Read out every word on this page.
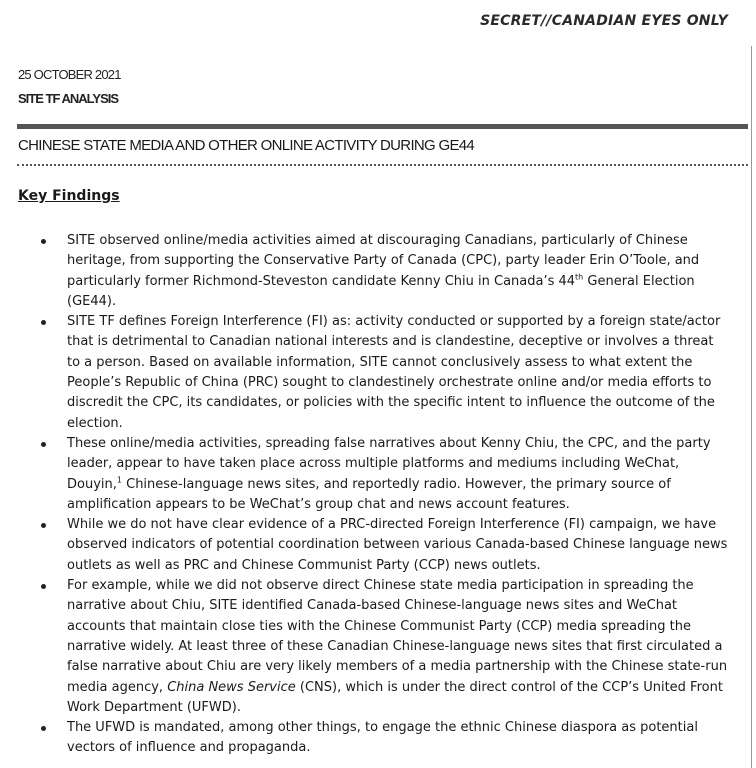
SECRET//CANADIAN EYES ONLY
25 OCTOBER 2021
SITE TF ANALYSIS
CHINESE STATE MEDIA AND OTHER ONLINE ACTIVITY DURING GE44
Key Findings
SITE observed online/media activities aimed at discouraging Canadians, particularly of Chinese heritage, from supporting the Conservative Party of Canada (CPC), party leader Erin O’Toole, and particularly former Richmond-Steveston candidate Kenny Chiu in Canada’s 44th General Election (GE44).
SITE TF defines Foreign Interference (FI) as: activity conducted or supported by a foreign state/actor that is detrimental to Canadian national interests and is clandestine, deceptive or involves a threat to a person. Based on available information, SITE cannot conclusively assess to what extent the People’s Republic of China (PRC) sought to clandestinely orchestrate online and/or media efforts to discredit the CPC, its candidates, or policies with the specific intent to influence the outcome of the election.
These online/media activities, spreading false narratives about Kenny Chiu, the CPC, and the party leader, appear to have taken place across multiple platforms and mediums including WeChat, Douyin,$^1$ Chinese-language news sites, and reportedly radio. However, the primary source of amplification appears to be WeChat’s group chat and news account features.
While we do not have clear evidence of a PRC-directed Foreign Interference (FI) campaign, we have observed indicators of potential coordination between various Canada-based Chinese language news outlets as well as PRC and Chinese Communist Party (CCP) news outlets.
For example, while we did not observe direct Chinese state media participation in spreading the narrative about Chiu, SITE identified Canada-based Chinese-language news sites and WeChat accounts that maintain close ties with the Chinese Communist Party (CCP) media spreading the narrative widely. At least three of these Canadian Chinese-language news sites that first circulated a false narrative about Chiu are very likely members of a media partnership with the Chinese state-run media agency, China News Service (CNS), which is under the direct control of the CCP’s United Front Work Department (UFWD).
The UFWD is mandated, among other things, to engage the ethnic Chinese diaspora as potential vectors of influence and propaganda.
